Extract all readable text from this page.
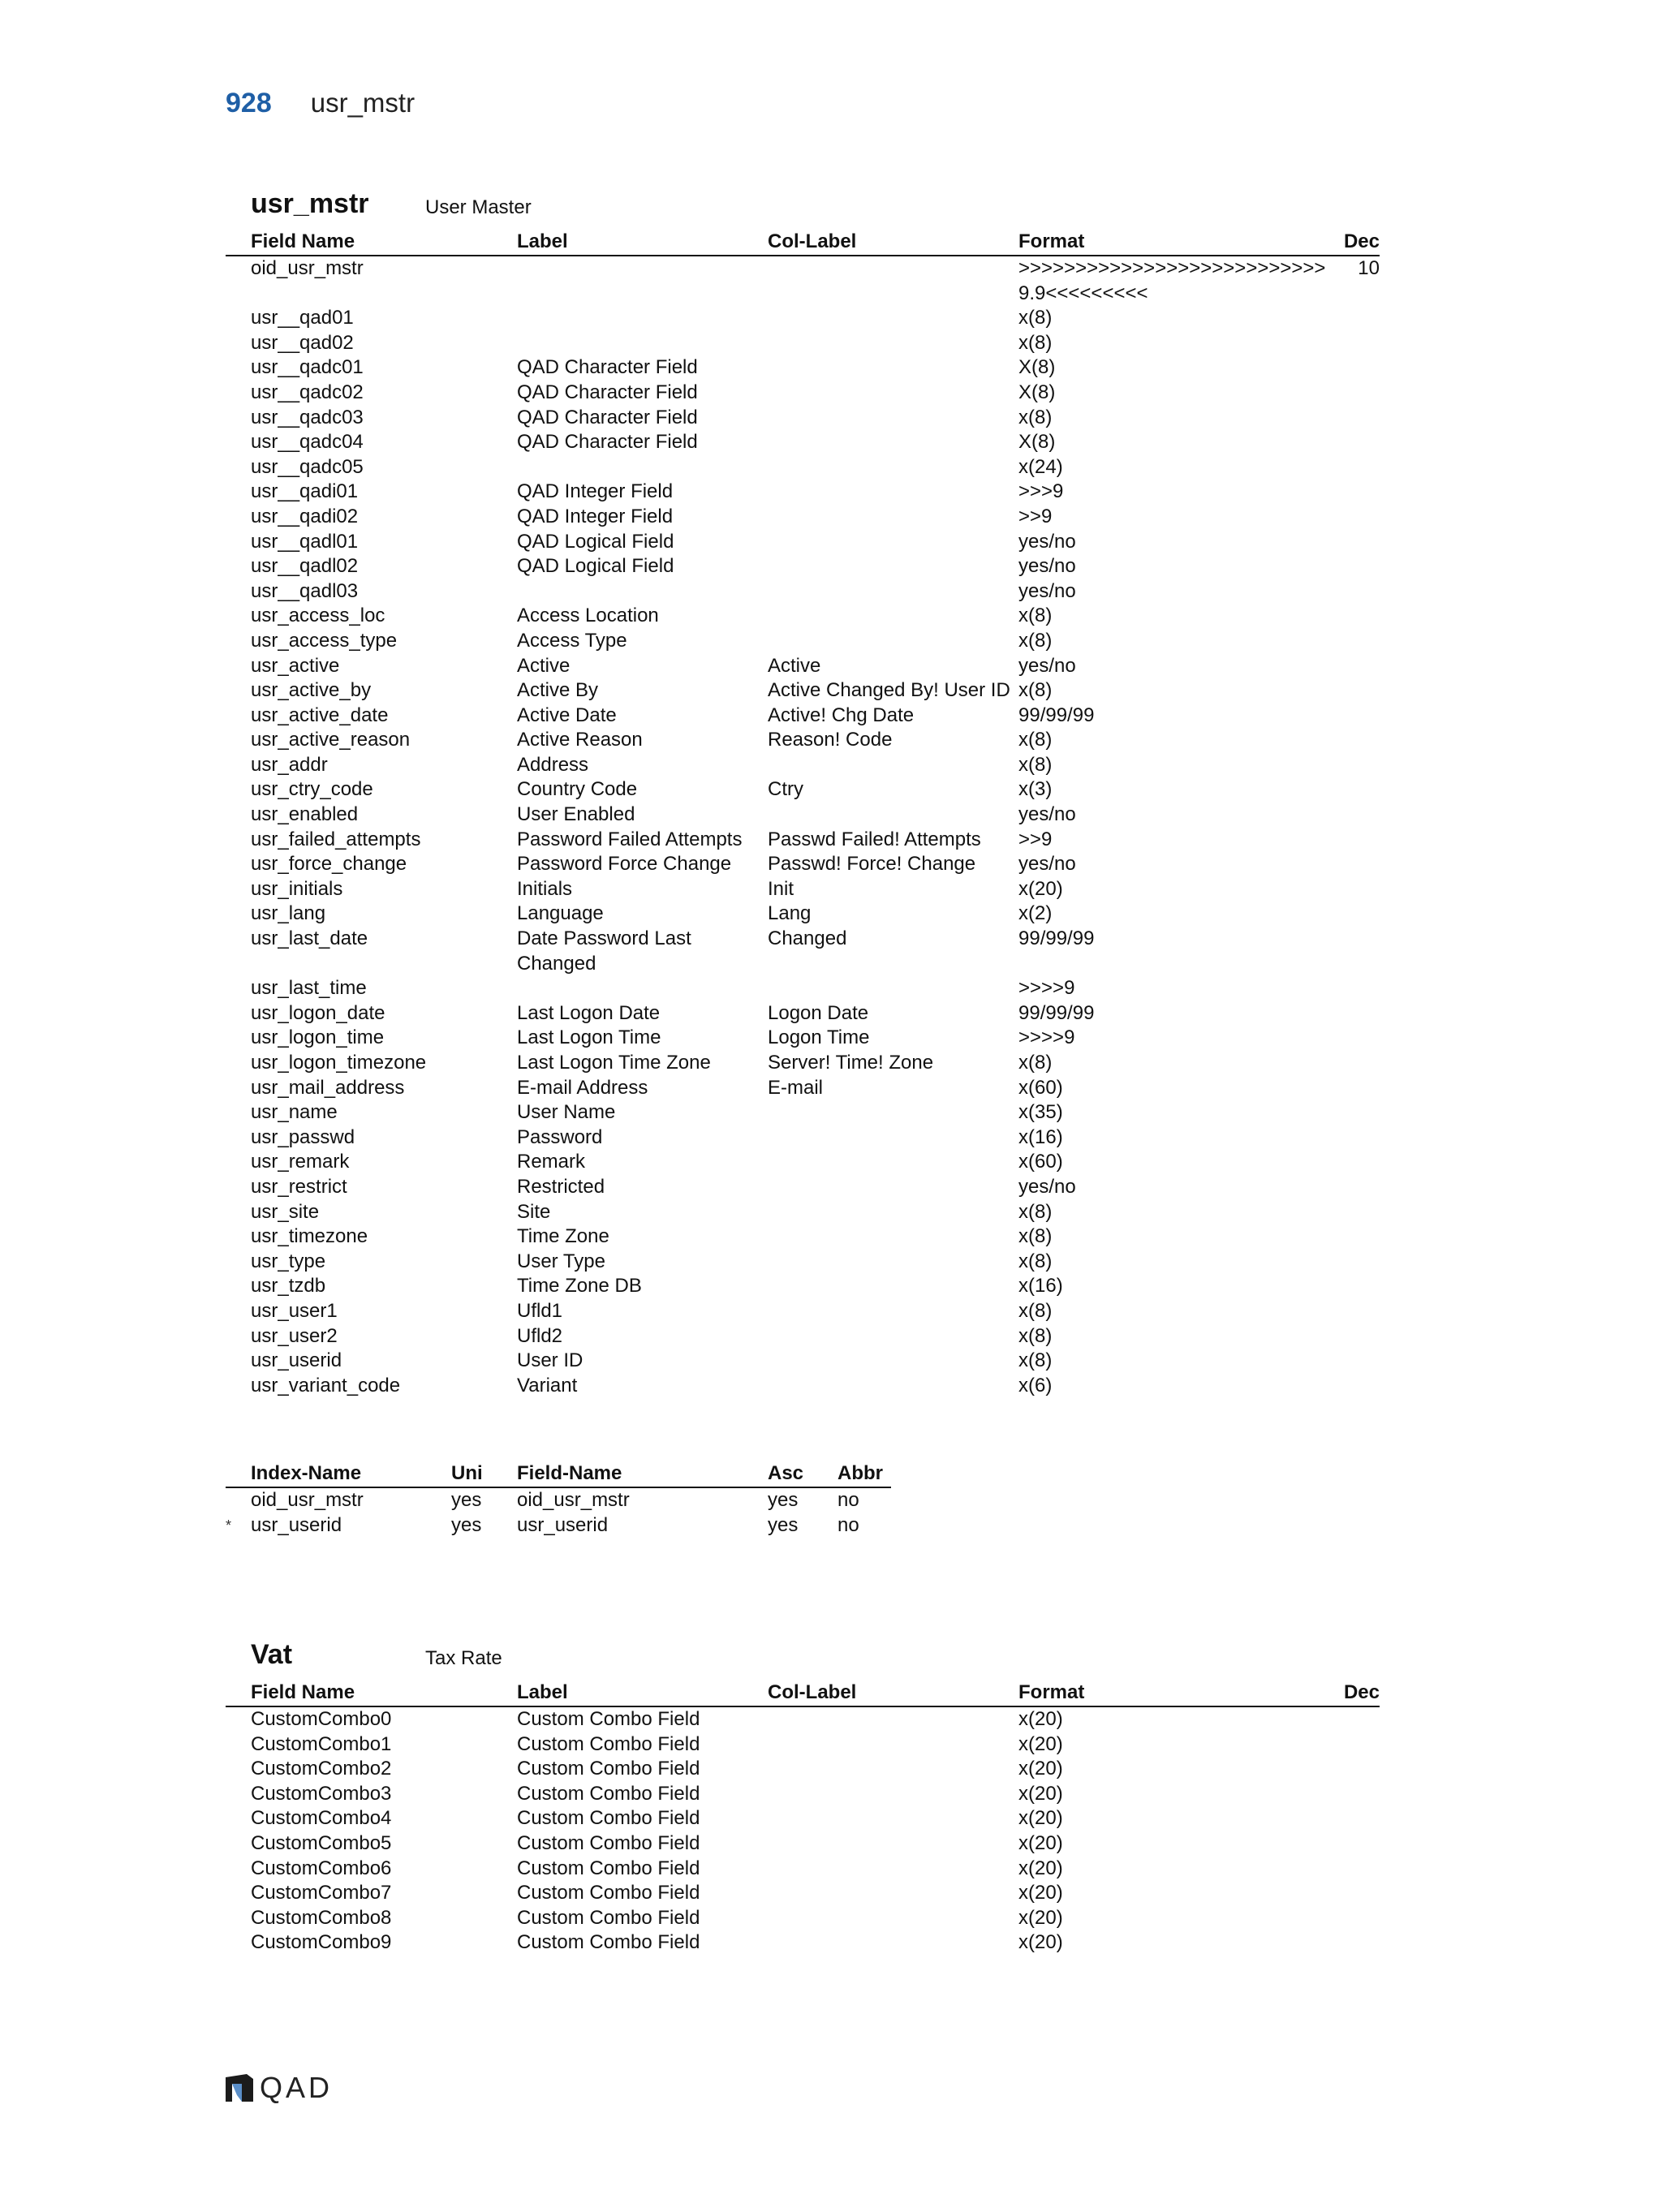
928 usr_mstr
usr_mstr	User Master
	Field Name	Label	Col-Label	Format	Dec
	oid_usr_mstr			>>>>>>>>>>>>>>>>>>>>>>>>>>>9.9<<<<<<<<<	10
	usr__qad01			x(8)	
	usr__qad02			x(8)	
	usr__qadc01	QAD Character Field		X(8)	
	usr__qadc02	QAD Character Field		X(8)	
	usr__qadc03	QAD Character Field		x(8)	
	usr__qadc04	QAD Character Field		X(8)	
	usr__qadc05			x(24)	
	usr__qadi01	QAD Integer Field		>>>9	
	usr__qadi02	QAD Integer Field		>>9	
	usr__qadl01	QAD Logical Field		yes/no	
	usr__qadl02	QAD Logical Field		yes/no	
	usr__qadl03			yes/no	
	usr_access_loc	Access Location		x(8)	
	usr_access_type	Access Type		x(8)	
	usr_active	Active	Active	yes/no	
	usr_active_by	Active By	Active Changed By! User ID	x(8)	
	usr_active_date	Active Date	Active! Chg Date	99/99/99	
	usr_active_reason	Active Reason	Reason! Code	x(8)	
	usr_addr	Address		x(8)	
	usr_ctry_code	Country Code	Ctry	x(3)	
	usr_enabled	User Enabled		yes/no	
	usr_failed_attempts	Password Failed Attempts	Passwd Failed! Attempts	>>9	
	usr_force_change	Password Force Change	Passwd! Force! Change	yes/no	
	usr_initials	Initials	Init	x(20)	
	usr_lang	Language	Lang	x(2)	
	usr_last_date	Date Password Last Changed	Changed	99/99/99	
	usr_last_time			>>>>9	
	usr_logon_date	Last Logon Date	Logon Date	99/99/99	
	usr_logon_time	Last Logon Time	Logon Time	>>>>9	
	usr_logon_timezone	Last Logon Time Zone	Server! Time! Zone	x(8)	
	usr_mail_address	E-mail Address	E-mail	x(60)	
	usr_name	User Name		x(35)	
	usr_passwd	Password		x(16)	
	usr_remark	Remark		x(60)	
	usr_restrict	Restricted		yes/no	
	usr_site	Site		x(8)	
	usr_timezone	Time Zone		x(8)	
	usr_type	User Type		x(8)	
	usr_tzdb	Time Zone DB		x(16)	
	usr_user1	Ufld1		x(8)	
	usr_user2	Ufld2		x(8)	
	usr_userid	User ID		x(8)	
	usr_variant_code	Variant		x(6)	
	Index-Name	Uni	Field-Name	Asc	Abbr
	oid_usr_mstr	yes	oid_usr_mstr	yes	no
*	usr_userid	yes	usr_userid	yes	no
Vat	Tax Rate
	Field Name	Label	Col-Label	Format	Dec
	CustomCombo0	Custom Combo Field		x(20)	
	CustomCombo1	Custom Combo Field		x(20)	
	CustomCombo2	Custom Combo Field		x(20)	
	CustomCombo3	Custom Combo Field		x(20)	
	CustomCombo4	Custom Combo Field		x(20)	
	CustomCombo5	Custom Combo Field		x(20)	
	CustomCombo6	Custom Combo Field		x(20)	
	CustomCombo7	Custom Combo Field		x(20)	
	CustomCombo8	Custom Combo Field		x(20)	
	CustomCombo9	Custom Combo Field		x(20)	
QAD
